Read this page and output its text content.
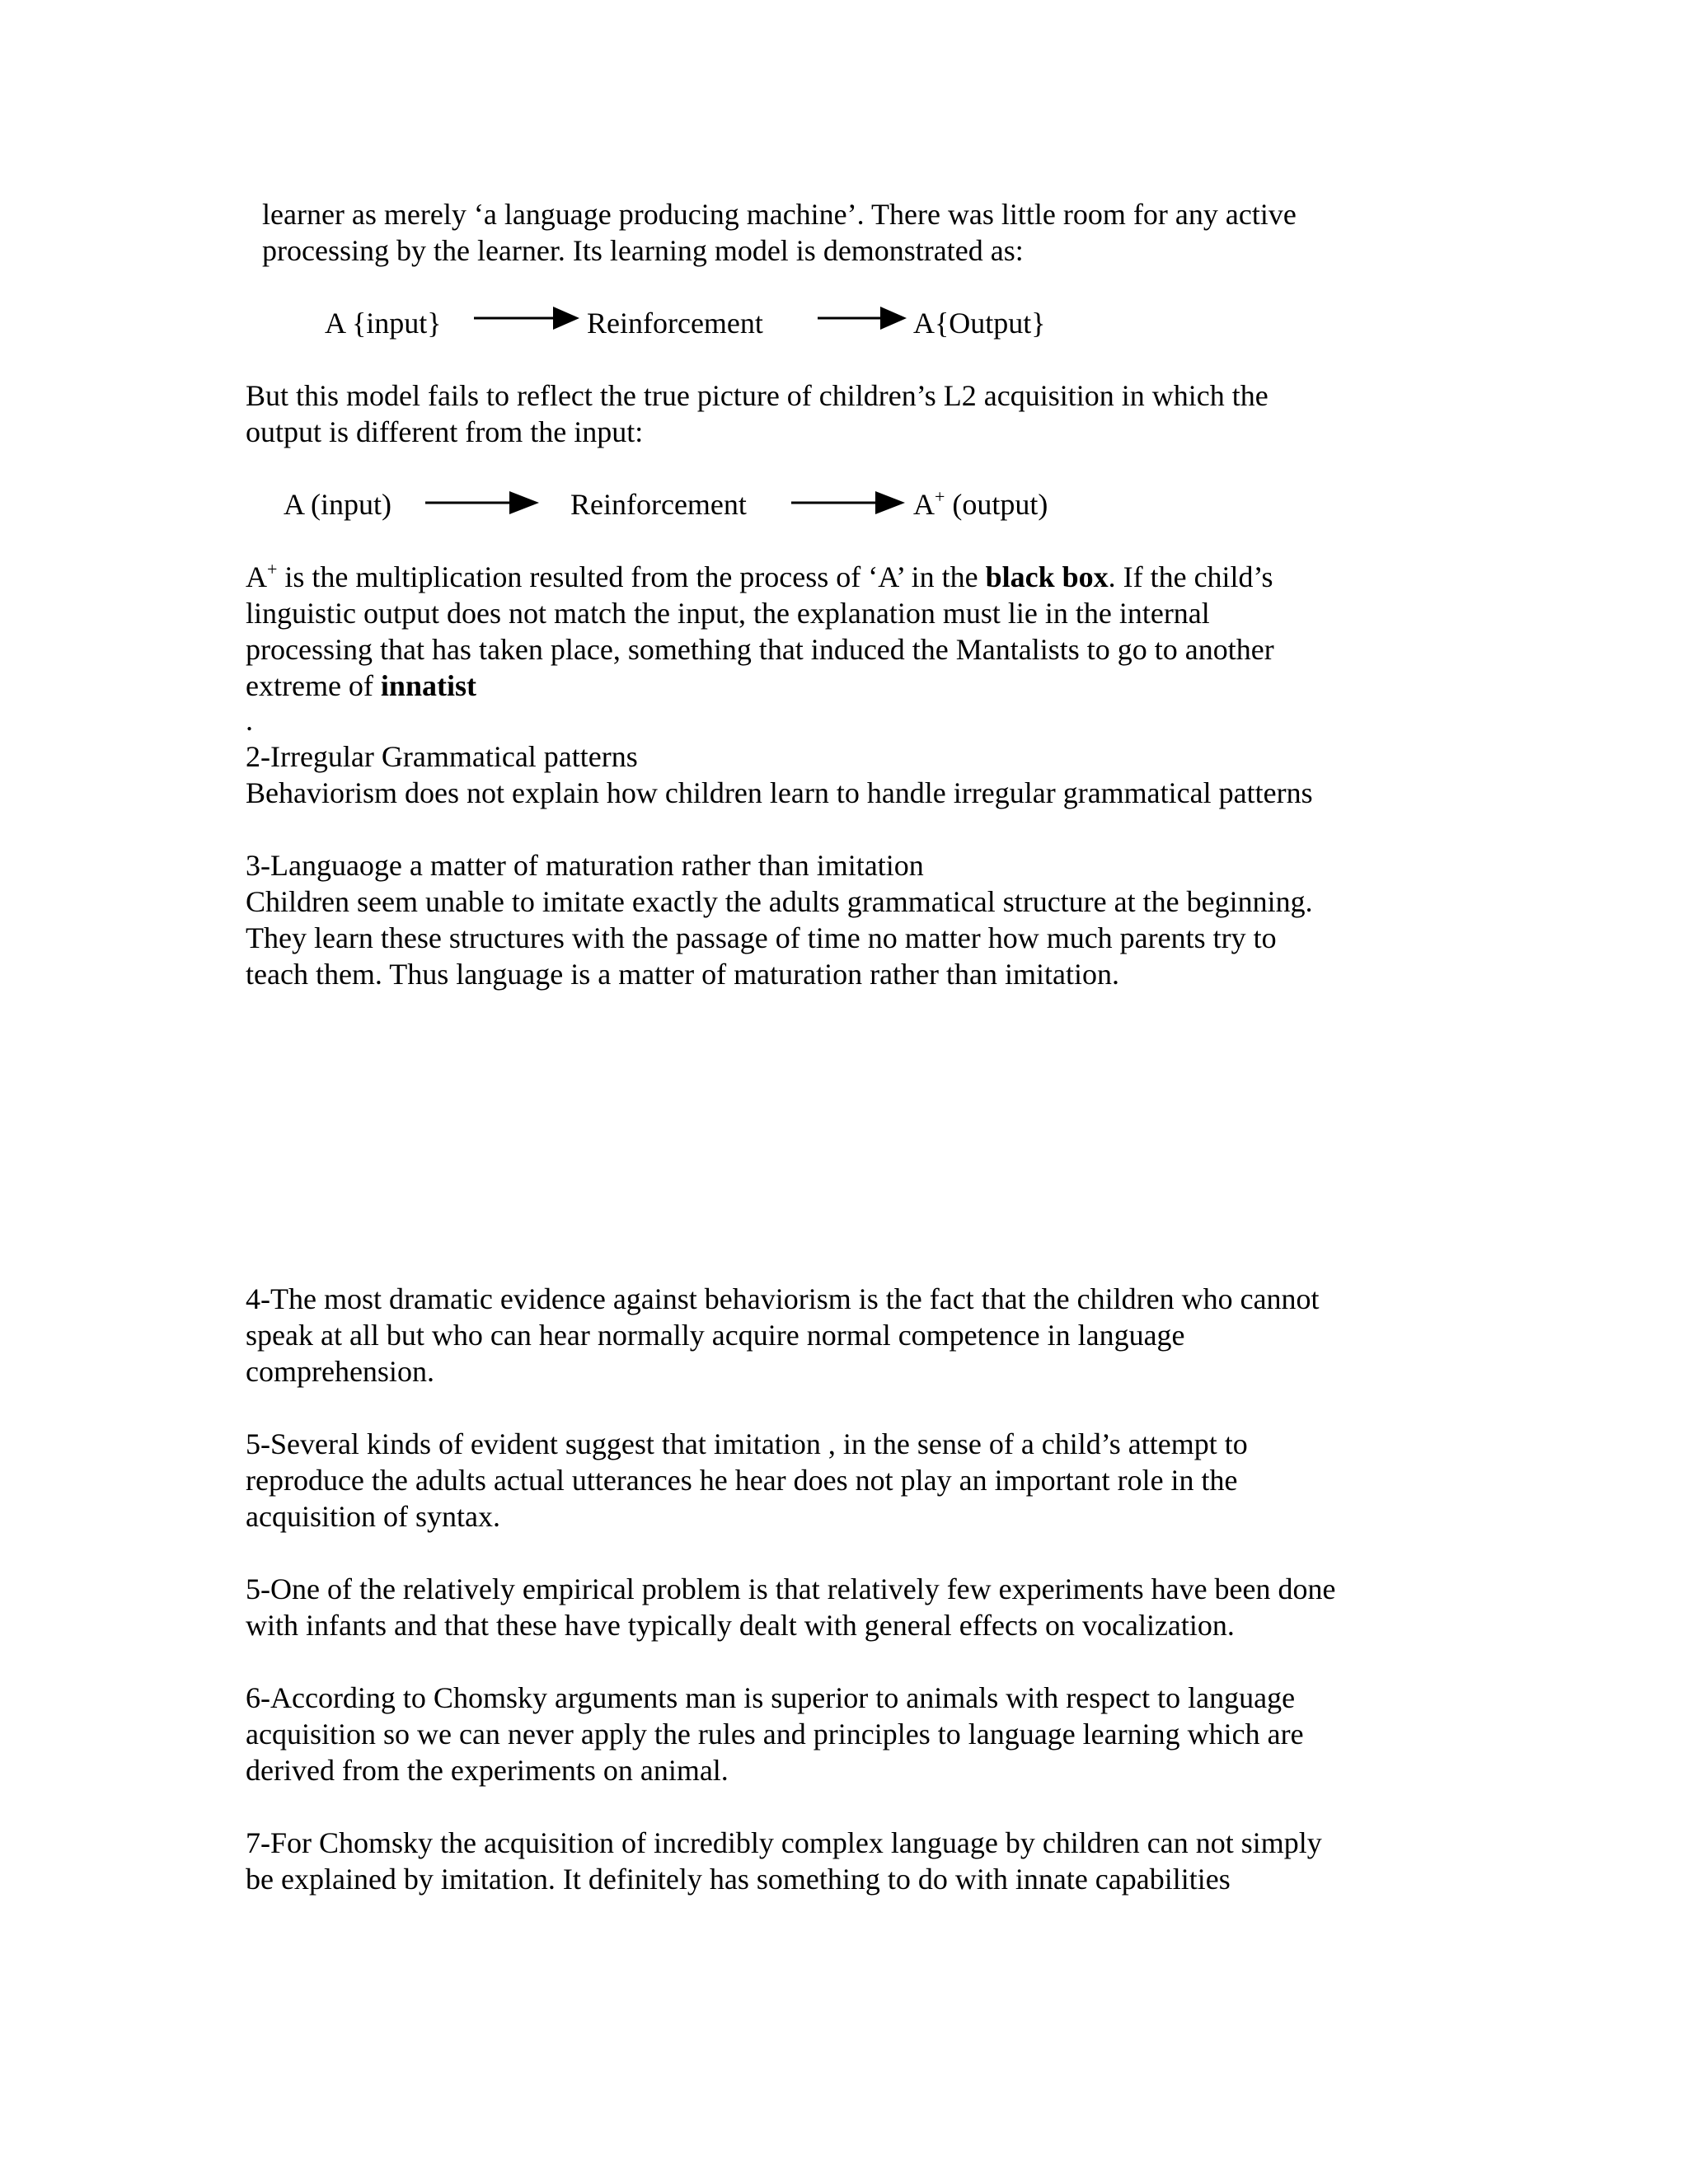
learner as merely ‘a language producing machine’. There was little room for any active
processing by the learner. Its learning model is demonstrated as:
A {input}	Reinforcement	A{Output}
But this model fails to reflect the true picture of children’s L2 acquisition in which the
output is different from the input:
A (input)	Reinforcement	A+ (output)
A+ is the multiplication resulted from the process of ‘A’ in the black box. If the child’s
linguistic output does not match the input, the explanation must lie in the internal
processing that has taken place, something that induced the Mantalists to go to another
extreme of innatist
.
2-Irregular Grammatical patterns
Behaviorism does not explain how children learn to handle irregular grammatical patterns
3-Languaoge a matter of maturation rather than imitation
Children seem unable to imitate exactly the adults grammatical structure at the beginning.
They learn these structures with the passage of time no matter how much parents try to
teach them. Thus language is a matter of maturation rather than imitation.
4-The most dramatic evidence against behaviorism is the fact that the children who cannot
speak at all but who can hear normally acquire normal competence in language
comprehension.
5-Several kinds of evident suggest that imitation , in the sense of a child’s attempt to
reproduce the adults actual utterances he hear does not play an important role in the
acquisition of syntax.
5-One of the relatively empirical problem is that relatively few experiments have been done
with infants and that these have typically dealt with general effects on vocalization.
6-According to Chomsky arguments man is superior to animals with respect to language
acquisition so we can never apply the rules and principles to language learning which are
derived from the experiments on animal.
7-For Chomsky the acquisition of incredibly complex language by children can not simply
be explained by imitation. It definitely has something to do with innate capabilities
